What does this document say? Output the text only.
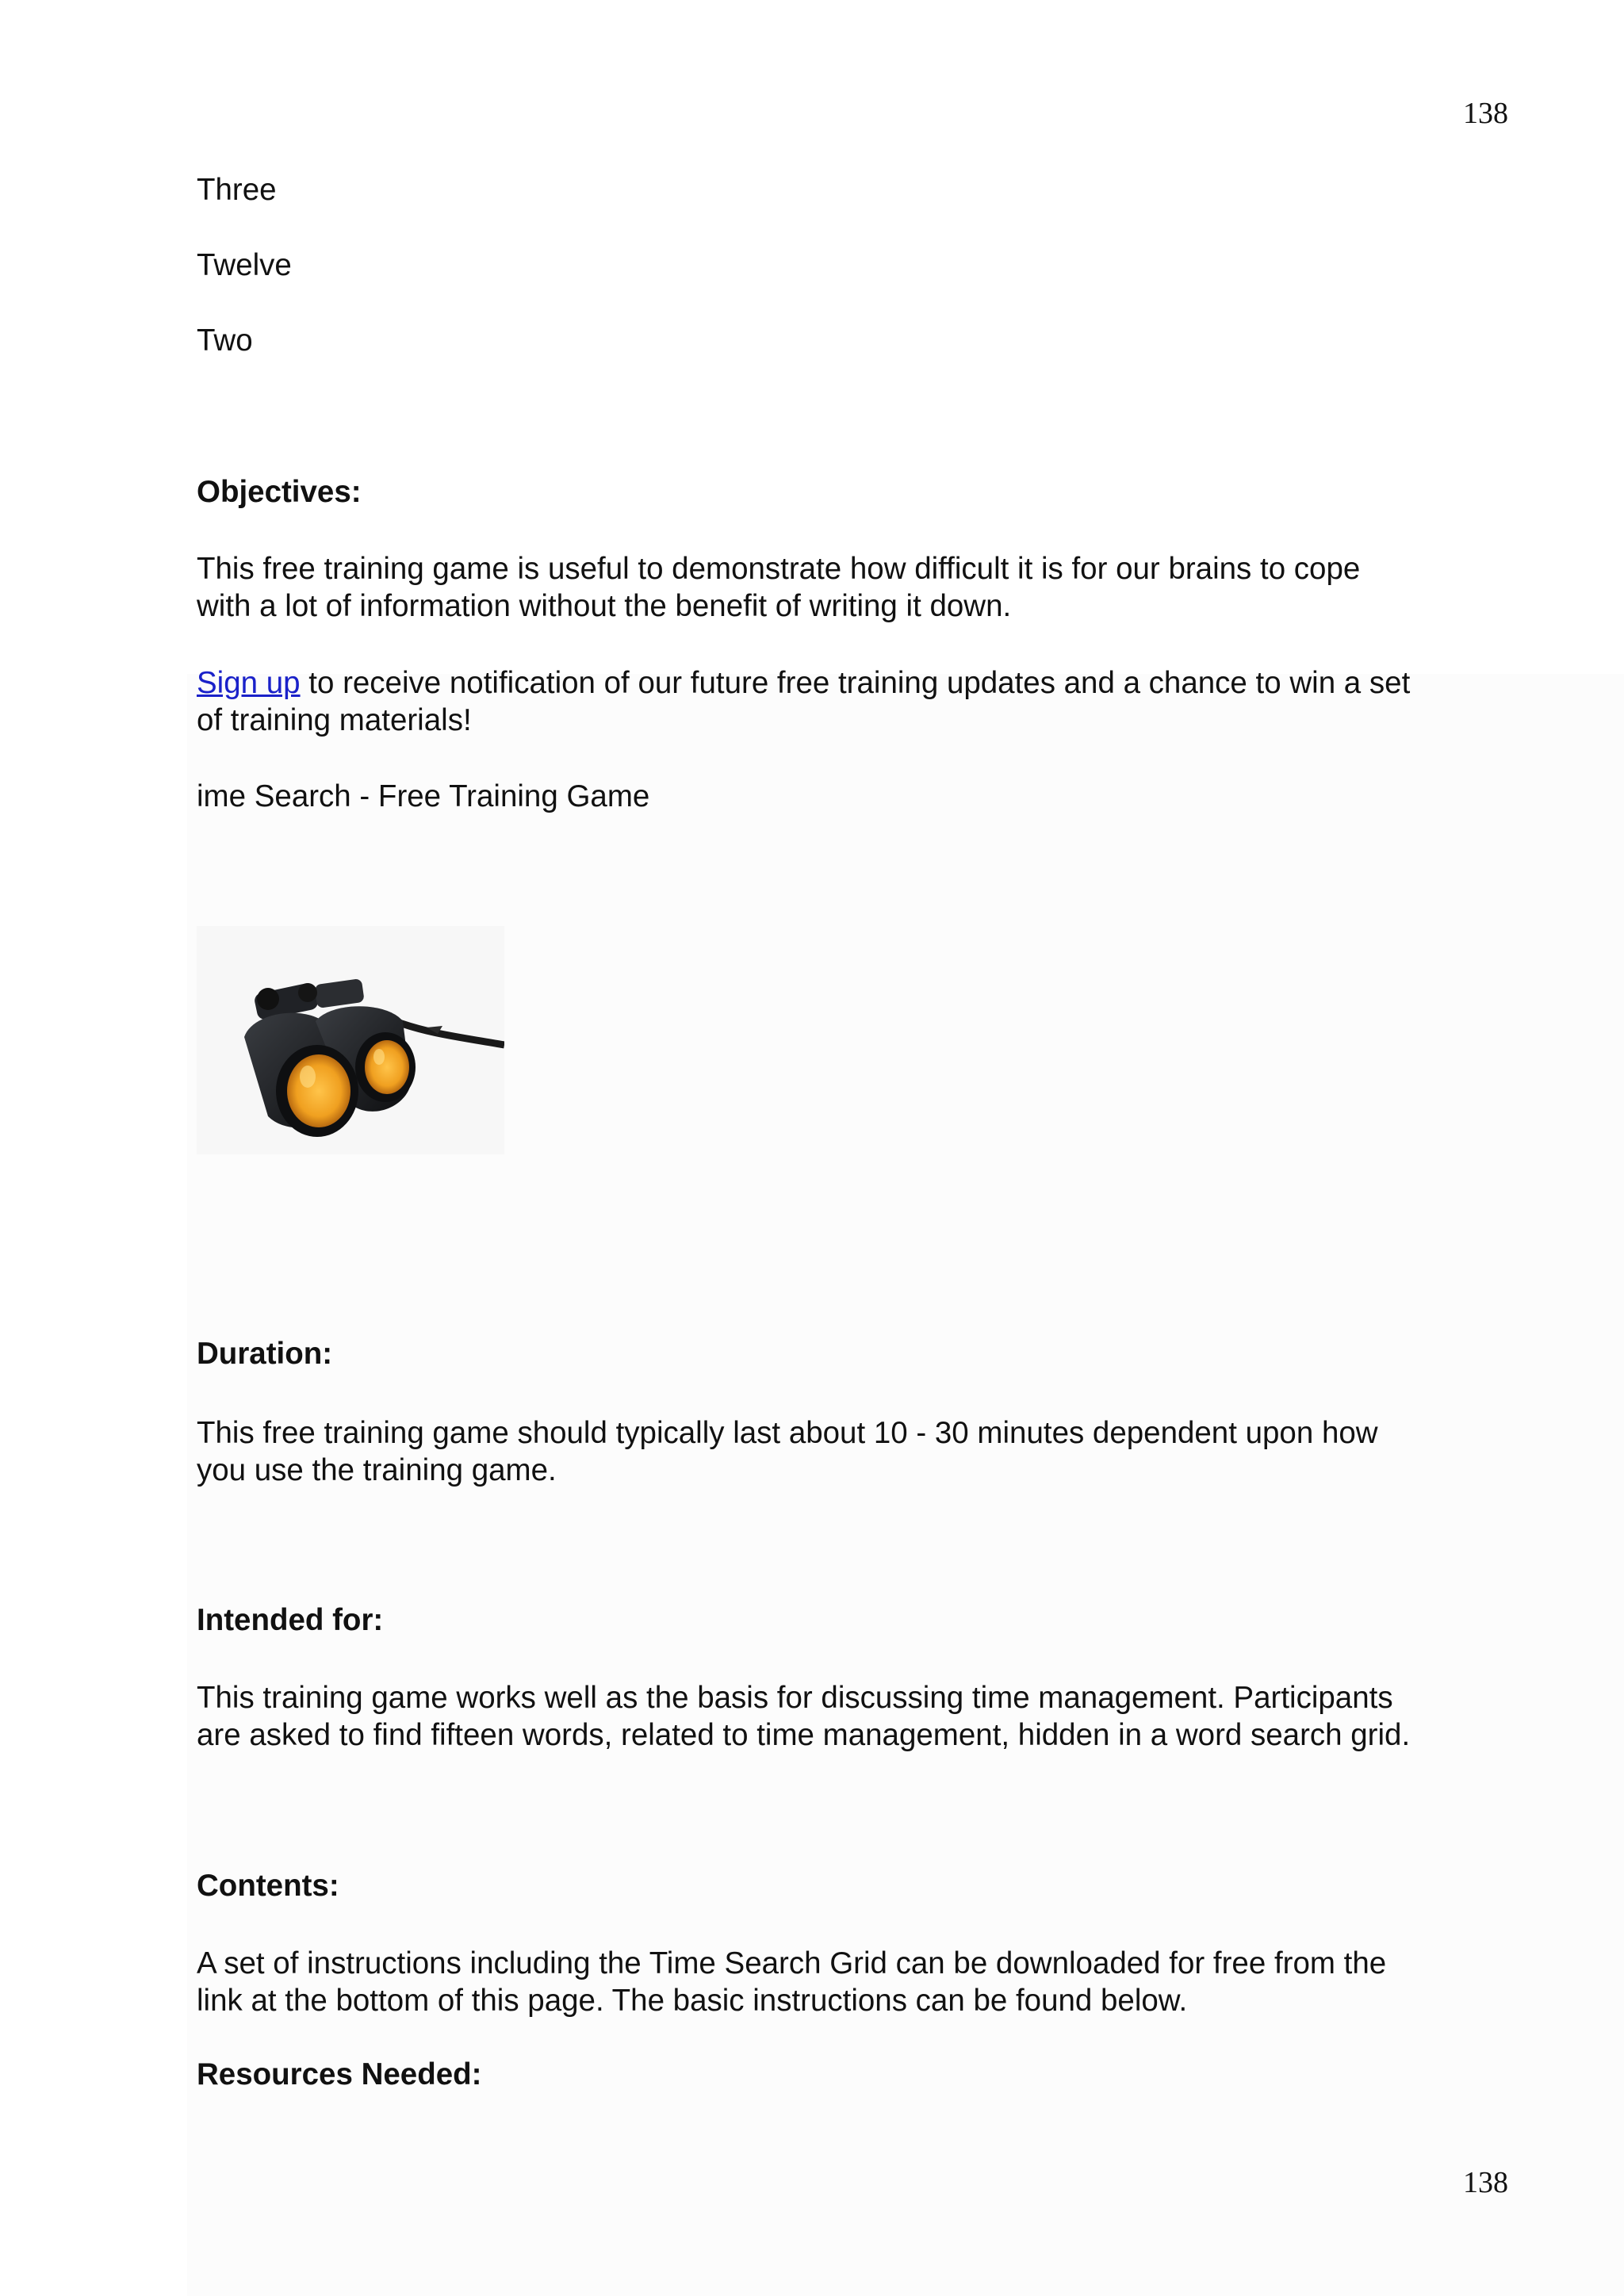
138
Three
Twelve
Two
Objectives:
This free training game is useful to demonstrate how difficult it is for our brains to cope
with a lot of information without the benefit of writing it down.
Sign up to receive notification of our future free training updates and a chance to win a set
of training materials!
ime Search - Free Training Game
Duration:
This free training game should typically last about 10 - 30 minutes dependent upon how
you use the training game.
Intended for:
This training game works well as the basis for discussing time management. Participants
are asked to find fifteen words, related to time management, hidden in a word search grid.
Contents:
A set of instructions including the Time Search Grid can be downloaded for free from the
link at the bottom of this page. The basic instructions can be found below.
Resources Needed:
138
